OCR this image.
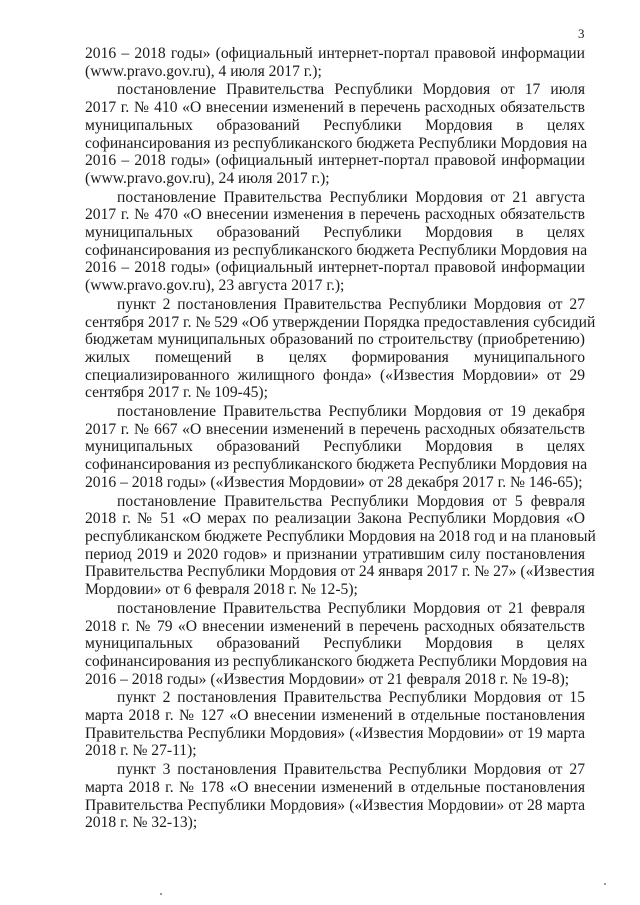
3

2016 – 2018 годы» (официальный интернет-портал правовой информации
(www.pravo.gov.ru), 4 июля 2017 г.);

постановление Правительства Республики Мордовия от 17 июля
2017 г. № 410 «О внесении изменений в перечень расходных обязательств
муниципальных образований Республики Мордовия в целях
софинансирования из республиканского бюджета Республики Мордовия на
2016 – 2018 годы» (официальный интернет-портал правовой информации
(www.pravo.gov.ru), 24 июля 2017 г.);

постановление Правительства Республики Мордовия от 21 августа
2017 г. № 470 «О внесении изменения в перечень расходных обязательств
муниципальных образований Республики Мордовия в целях
софинансирования из республиканского бюджета Республики Мордовия на
2016 – 2018 годы» (официальный интернет-портал правовой информации
(www.pravo.gov.ru), 23 августа 2017 г.);

пункт 2 постановления Правительства Республики Мордовия от 27
сентября 2017 г. № 529 «Об утверждении Порядка предоставления субсидий
бюджетам муниципальных образований по строительству (приобретению)
жилых помещений в целях формирования муниципального
специализированного жилищного фонда» («Известия Мордовии» от 29
сентября 2017 г. № 109-45);

постановление Правительства Республики Мордовия от 19 декабря
2017 г. № 667 «О внесении изменений в перечень расходных обязательств
муниципальных образований Республики Мордовия в целях
софинансирования из республиканского бюджета Республики Мордовия на
2016 – 2018 годы» («Известия Мордовии» от 28 декабря 2017 г. № 146-65);

постановление Правительства Республики Мордовия от 5 февраля
2018 г. № 51 «О мерах по реализации Закона Республики Мордовия «О
республиканском бюджете Республики Мордовия на 2018 год и на плановый
период 2019 и 2020 годов» и признании утратившим силу постановления
Правительства Республики Мордовия от 24 января 2017 г. № 27» («Известия
Мордовии» от 6 февраля 2018 г. № 12-5);

постановление Правительства Республики Мордовия от 21 февраля
2018 г. № 79 «О внесении изменений в перечень расходных обязательств
муниципальных образований Республики Мордовия в целях
софинансирования из республиканского бюджета Республики Мордовия на
2016 – 2018 годы» («Известия Мордовии» от 21 февраля 2018 г. № 19-8);

пункт 2 постановления Правительства Республики Мордовия от 15
марта 2018 г. № 127 «О внесении изменений в отдельные постановления
Правительства Республики Мордовия» («Известия Мордовии» от 19 марта
2018 г. № 27-11);

пункт 3 постановления Правительства Республики Мордовия от 27
марта 2018 г. № 178 «О внесении изменений в отдельные постановления
Правительства Республики Мордовия» («Известия Мордовии» от 28 марта
2018 г. № 32-13);
